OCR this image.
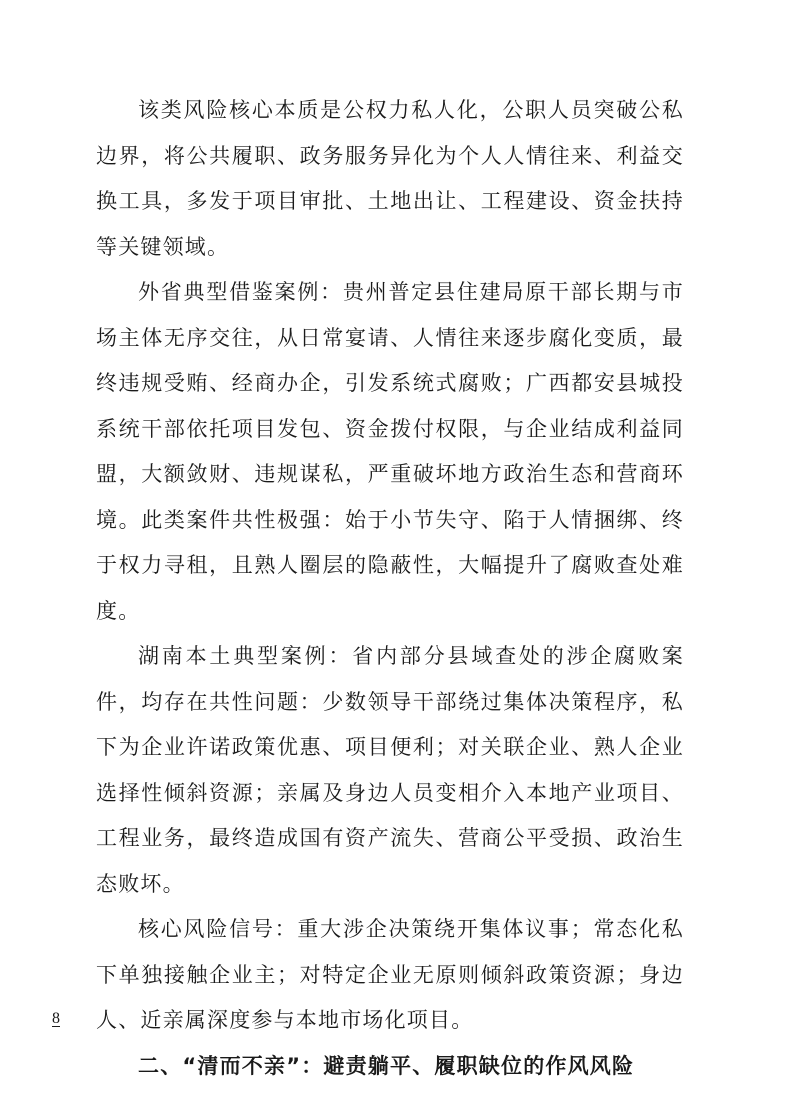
该类风险核心本质是公权力私人化，公职人员突破公私边界，将公共履职、政务服务异化为个人人情往来、利益交换工具，多发于项目审批、土地出让、工程建设、资金扶持等关键领域。

外省典型借鉴案例：贵州普定县住建局原干部长期与市场主体无序交往，从日常宴请、人情往来逐步腐化变质，最终违规受贿、经商办企，引发系统式腐败；广西都安县城投系统干部依托项目发包、资金拨付权限，与企业结成利益同盟，大额敛财、违规谋私，严重破坏地方政治生态和营商环境。此类案件共性极强：始于小节失守、陷于人情捆绑、终于权力寻租，且熟人圈层的隐蔽性，大幅提升了腐败查处难度。

湖南本土典型案例：省内部分县域查处的涉企腐败案件，均存在共性问题：少数领导干部绕过集体决策程序，私下为企业许诺政策优惠、项目便利；对关联企业、熟人企业选择性倾斜资源；亲属及身边人员变相介入本地产业项目、工程业务，最终造成国有资产流失、营商公平受损、政治生态败坏。

核心风险信号：重大涉企决策绕开集体议事；常态化私下单独接触企业主；对特定企业无原则倾斜政策资源；身边人、近亲属深度参与本地市场化项目。

二、“清而不亲”：避责躺平、履职缺位的作风风险

8
